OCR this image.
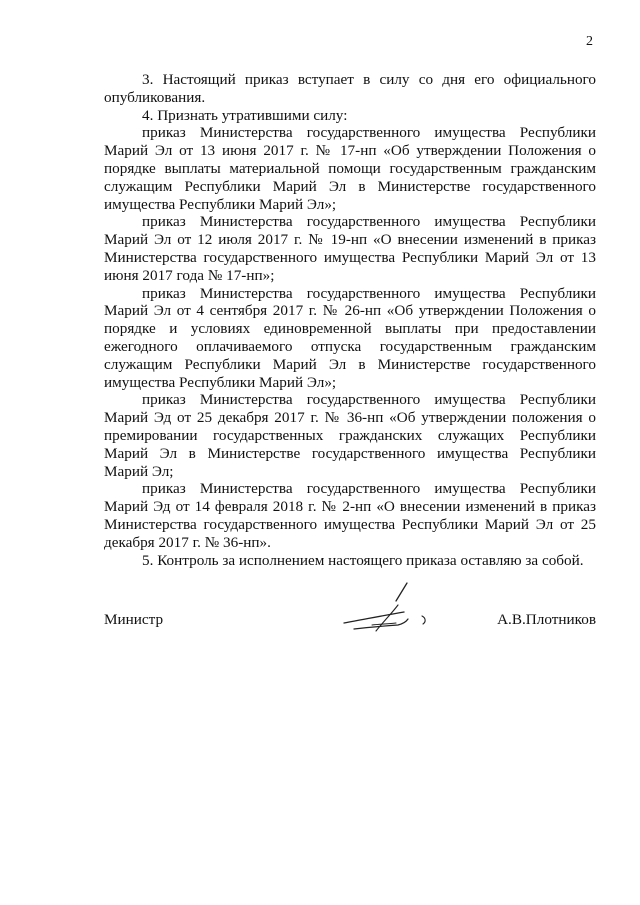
2

3. Настоящий приказ вступает в силу со дня его официального опубликования.

4. Признать утратившими силу:

приказ Министерства государственного имущества Республики Марий Эл от 13 июня 2017 г. № 17-нп «Об утверждении Положения о порядке выплаты материальной помощи государственным гражданским служащим Республики Марий Эл в Министерстве государственного имущества Республики Марий Эл»;

приказ Министерства государственного имущества Республики Марий Эл от 12 июля 2017 г. № 19-нп «О внесении изменений в приказ Министерства государственного имущества Республики Марий Эл от 13 июня 2017 года № 17-нп»;

приказ Министерства государственного имущества Республики Марий Эл от 4 сентября 2017 г. № 26-нп «Об утверждении Положения о порядке и условиях единовременной выплаты при предоставлении ежегодного оплачиваемого отпуска государственным гражданским служащим Республики Марий Эл в Министерстве государственного имущества Республики Марий Эл»;

приказ Министерства государственного имущества Республики Марий Эд от 25 декабря 2017 г. № 36-нп «Об утверждении положения о премировании государственных гражданских служащих Республики Марий Эл в Министерстве государственного имущества Республики Марий Эл;

приказ Министерства государственного имущества Республики Марий Эд от 14 февраля 2018 г. № 2-нп «О внесении изменений в приказ Министерства государственного имущества Республики Марий Эл от 25 декабря 2017 г. № 36-нп».

5. Контроль за исполнением настоящего приказа оставляю за собой.

Министр	А.В.Плотников
